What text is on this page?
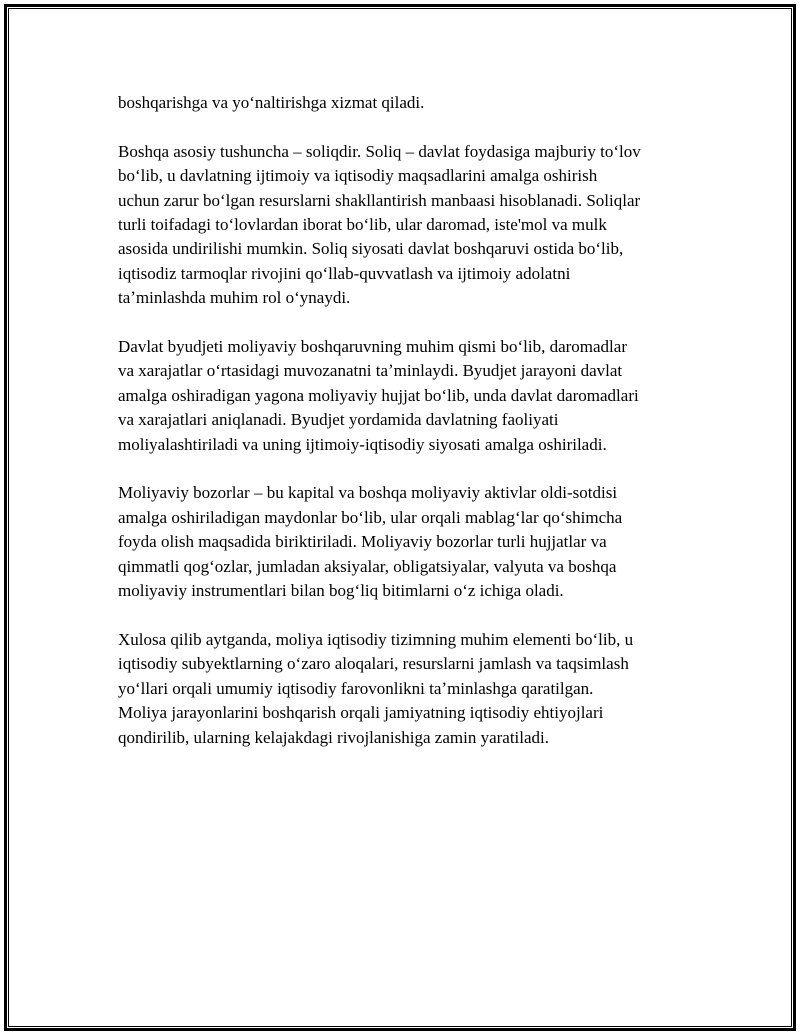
boshqarishga va yoʻnaltirishga xizmat qiladi.

Boshqa asosiy tushuncha – soliqdir. Soliq – davlat foydasiga majburiy toʻlov
boʻlib, u davlatning ijtimoiy va iqtisodiy maqsadlarini amalga oshirish
uchun zarur boʻlgan resurslarni shakllantirish manbaasi hisoblanadi. Soliqlar
turli toifadagi toʻlovlardan iborat boʻlib, ular daromad, iste'mol va mulk
asosida undirilishi mumkin. Soliq siyosati davlat boshqaruvi ostida boʻlib,
iqtisodiz tarmoqlar rivojini qoʻllab-quvvatlash va ijtimoiy adolatni
taʼminlashda muhim rol oʻynaydi.

Davlat byudjeti moliyaviy boshqaruvning muhim qismi boʻlib, daromadlar
va xarajatlar oʻrtasidagi muvozanatni taʼminlaydi. Byudjet jarayoni davlat
amalga oshiradigan yagona moliyaviy hujjat boʻlib, unda davlat daromadlari
va xarajatlari aniqlanadi. Byudjet yordamida davlatning faoliyati
moliyalashtiriladi va uning ijtimoiy-iqtisodiy siyosati amalga oshiriladi.

Moliyaviy bozorlar – bu kapital va boshqa moliyaviy aktivlar oldi-sotdisi
amalga oshiriladigan maydonlar boʻlib, ular orqali mablagʻlar qoʻshimcha
foyda olish maqsadida biriktiriladi. Moliyaviy bozorlar turli hujjatlar va
qimmatli qogʻozlar, jumladan aksiyalar, obligatsiyalar, valyuta va boshqa
moliyaviy instrumentlari bilan bogʻliq bitimlarni oʻz ichiga oladi.

Xulosa qilib aytganda, moliya iqtisodiy tizimning muhim elementi boʻlib, u
iqtisodiy subyektlarning oʻzaro aloqalari, resurslarni jamlash va taqsimlash
yoʻllari orqali umumiy iqtisodiy farovonlikni taʼminlashga qaratilgan.
Moliya jarayonlarini boshqarish orqali jamiyatning iqtisodiy ehtiyojlari
qondirilib, ularning kelajakdagi rivojlanishiga zamin yaratiladi.
